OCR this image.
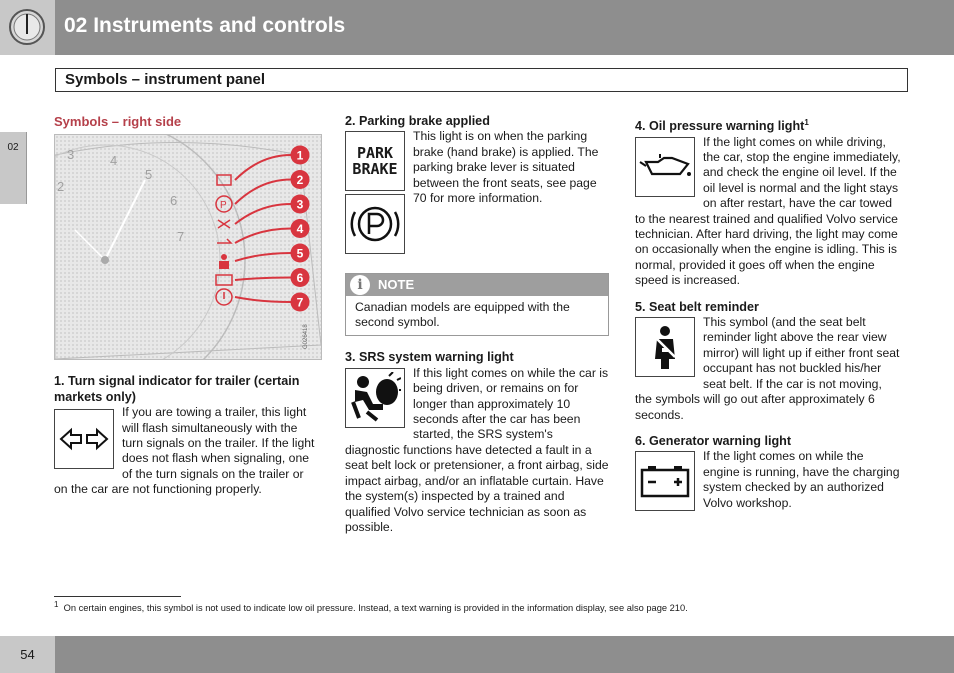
02 Instruments and controls
Symbols – instrument panel
02
Symbols – right side
3	4
5
6
7
2
P
1
2
3
4
5
6
7
G026418

1. Turn signal indicator for trailer (certain markets only)

If you are towing a trailer, this light will flash simultaneously with the turn signals on the trailer. If the light does not flash when signaling, one of the turn signals on the trailer or on the car are not functioning properly.

2. Parking brake applied

PARK
BRAKE

This light is on when the parking brake (hand brake) is applied. The parking brake lever is situated between the front seats, see page 70 for more information.

i	NOTE
Canadian models are equipped with the second symbol.

3. SRS system warning light

If this light comes on while the car is being driven, or remains on for longer than approximately 10 seconds after the car has been started, the SRS system's diagnostic functions have detected a fault in a seat belt lock or pretensioner, a front airbag, side impact airbag, and/or an inflatable curtain. Have the system(s) inspected by a trained and qualified Volvo service technician as soon as possible.

4. Oil pressure warning light$^1$

If the light comes on while driving, the car, stop the engine immediately, and check the engine oil level. If the oil level is normal and the light stays on after restart, have the car towed to the nearest trained and qualified Volvo service technician. After hard driving, the light may come on occasionally when the engine is idling. This is normal, provided it goes off when the engine speed is increased.

5. Seat belt reminder

This symbol (and the seat belt reminder light above the rear view mirror) will light up if either front seat occupant has not buckled his/her seat belt. If the car is not moving, the symbols will go out after approximately 6 seconds.

6. Generator warning light

If the light comes on while the engine is running, have the charging system checked by an authorized Volvo workshop.

$^1$ On certain engines, this symbol is not used to indicate low oil pressure. Instead, a text warning is provided in the information display, see also page 210.
54
